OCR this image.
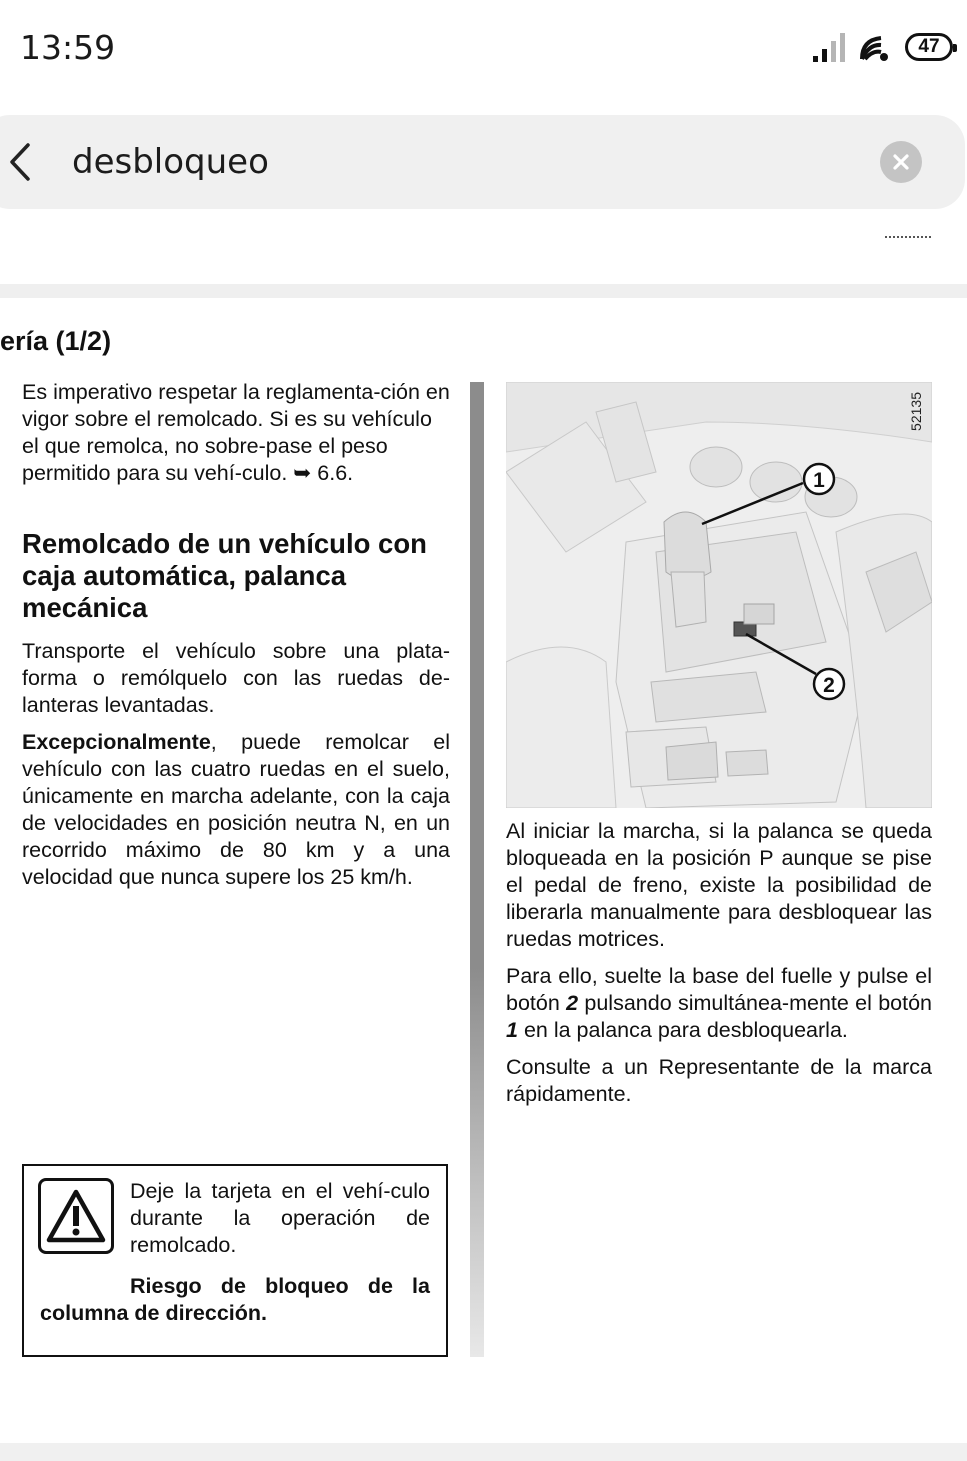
13:59	47
desbloqueo
ería (1/2)

Es imperativo respetar la reglamenta-ción en vigor sobre el remolcado. Si es su vehículo el que remolca, no sobre-pase el peso permitido para su vehí-culo. ➥ 6.6.

Remolcado de un vehículo con caja automática, palanca mecánica

Transporte el vehículo sobre una plata-forma o remólquelo con las ruedas de-lanteras levantadas.

Excepcionalmente, puede remolcar el vehículo con las cuatro ruedas en el suelo, únicamente en marcha adelante, con la caja de velocidades en posición neutra N, en un recorrido máximo de 80 km y a una velocidad que nunca supere los 25 km/h.

1
2
52135

Al iniciar la marcha, si la palanca se queda bloqueada en la posición P aunque se pise el pedal de freno, existe la posibilidad de liberarla manualmente para desbloquear las ruedas motrices.

Para ello, suelte la base del fuelle y pulse el botón 2 pulsando simultánea-mente el botón 1 en la palanca para desbloquearla.

Consulte a un Representante de la marca rápidamente.

Deje la tarjeta en el vehí-culo durante la operación de remolcado.

Riesgo de bloqueo de la columna de dirección.
